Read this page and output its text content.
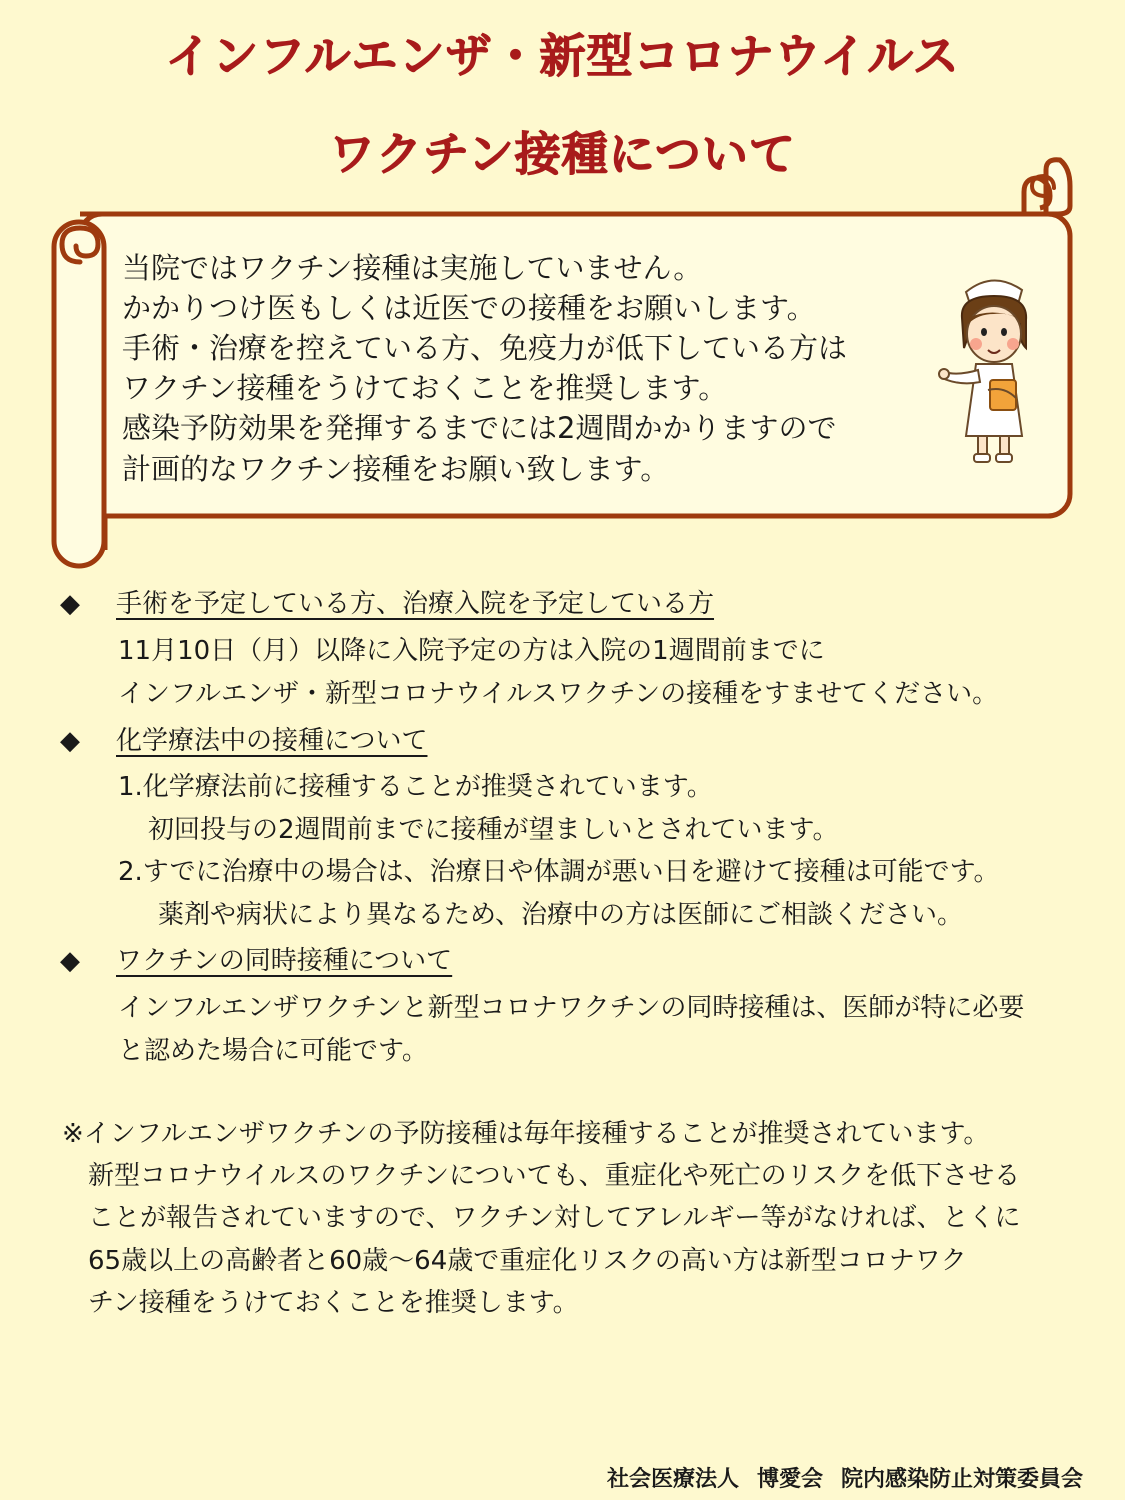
インフルエンザ・新型コロナウイルス
ワクチン接種について

当院ではワクチン接種は実施していません。

かかりつけ医もしくは近医での接種をお願いします。

手術・治療を控えている方、免疫力が低下している方は

ワクチン接種をうけておくことを推奨します。

感染予防効果を発揮するまでには2週間かかりますので

計画的なワクチン接種をお願い致します。

◆ 手術を予定している方、治療入院を予定している方

11月10日（月）以降に入院予定の方は入院の1週間前までに

インフルエンザ・新型コロナウイルスワクチンの接種をすませてください。

◆ 化学療法中の接種について

1.化学療法前に接種することが推奨されています。

初回投与の2週間前までに接種が望ましいとされています。

2.すでに治療中の場合は、治療日や体調が悪い日を避けて接種は可能です。

薬剤や病状により異なるため、治療中の方は医師にご相談ください。

◆ ワクチンの同時接種について

インフルエンザワクチンと新型コロナワクチンの同時接種は、医師が特に必要

と認めた場合に可能です。

※インフルエンザワクチンの予防接種は毎年接種することが推奨されています。

新型コロナウイルスのワクチンについても、重症化や死亡のリスクを低下させる

ことが報告されていますので、ワクチン対してアレルギー等がなければ、とくに

65歳以上の高齢者と60歳～64歳で重症化リスクの高い方は新型コロナワク

チン接種をうけておくことを推奨します。

社会医療法人 博愛会 院内感染防止対策委員会
